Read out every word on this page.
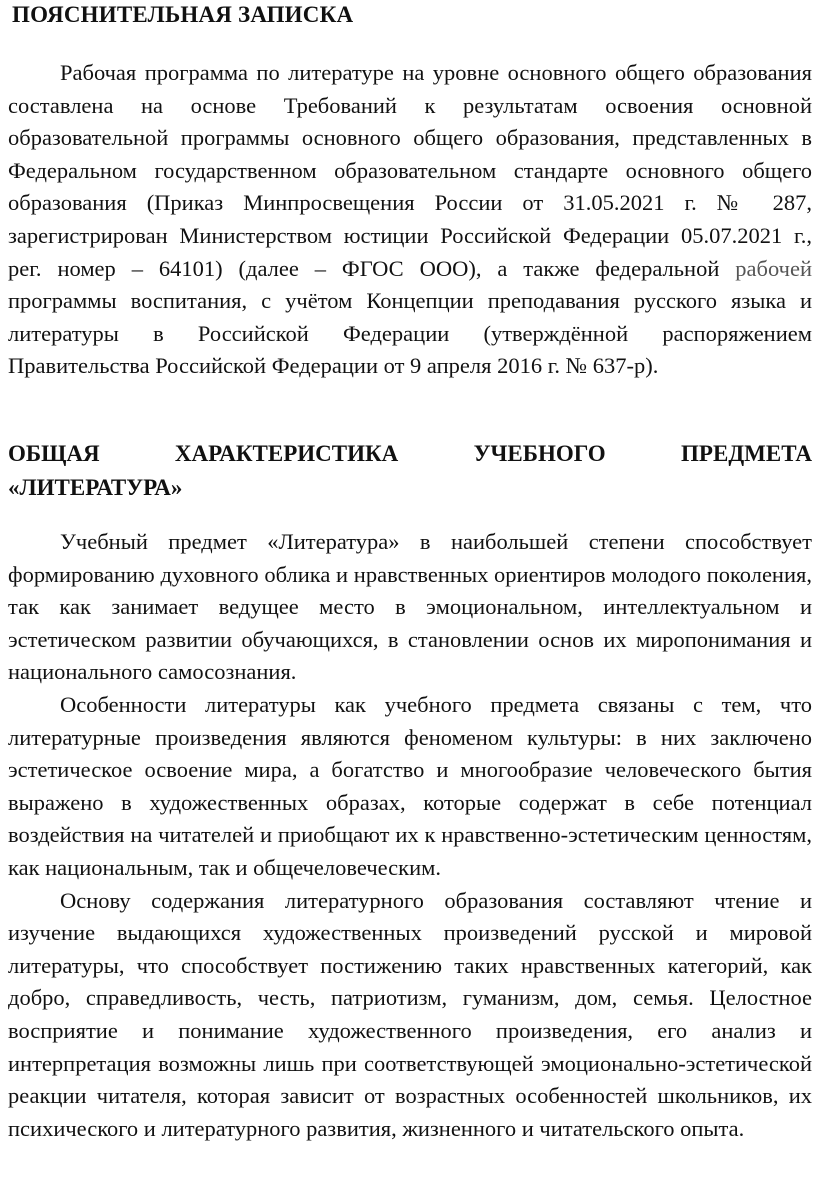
ПОЯСНИТЕЛЬНАЯ ЗАПИСКА

Рабочая программа по литературе на уровне основного общего образования составлена на основе Требований к результатам освоения основной образовательной программы основного общего образования, представленных в Федеральном государственном образовательном стандарте основного общего образования (Приказ Минпросвещения России от 31.05.2021 г. № 287, зарегистрирован Министерством юстиции Российской Федерации 05.07.2021 г., рег. номер – 64101) (далее – ФГОС ООО), а также федеральной рабочей программы воспитания, с учётом Концепции преподавания русского языка и литературы в Российской Федерации (утверждённой распоряжением Правительства Российской Федерации от 9 апреля 2016 г. № 637-р).

ОБЩАЯ ХАРАКТЕРИСТИКА УЧЕБНОГО ПРЕДМЕТА
«ЛИТЕРАТУРА»

Учебный предмет «Литература» в наибольшей степени способствует формированию духовного облика и нравственных ориентиров молодого поколения, так как занимает ведущее место в эмоциональном, интеллектуальном и эстетическом развитии обучающихся, в становлении основ их миропонимания и национального самосознания.

Особенности литературы как учебного предмета связаны с тем, что литературные произведения являются феноменом культуры: в них заключено эстетическое освоение мира, а богатство и многообразие человеческого бытия выражено в художественных образах, которые содержат в себе потенциал воздействия на читателей и приобщают их к нравственно-эстетическим ценностям, как национальным, так и общечеловеческим.

Основу содержания литературного образования составляют чтение и изучение выдающихся художественных произведений русской и мировой литературы, что способствует постижению таких нравственных категорий, как добро, справедливость, честь, патриотизм, гуманизм, дом, семья. Целостное восприятие и понимание художественного произведения, его анализ и интерпретация возможны лишь при соответствующей эмоционально-эстетической реакции читателя, которая зависит от возрастных особенностей школьников, их психического и литературного развития, жизненного и читательского опыта.
